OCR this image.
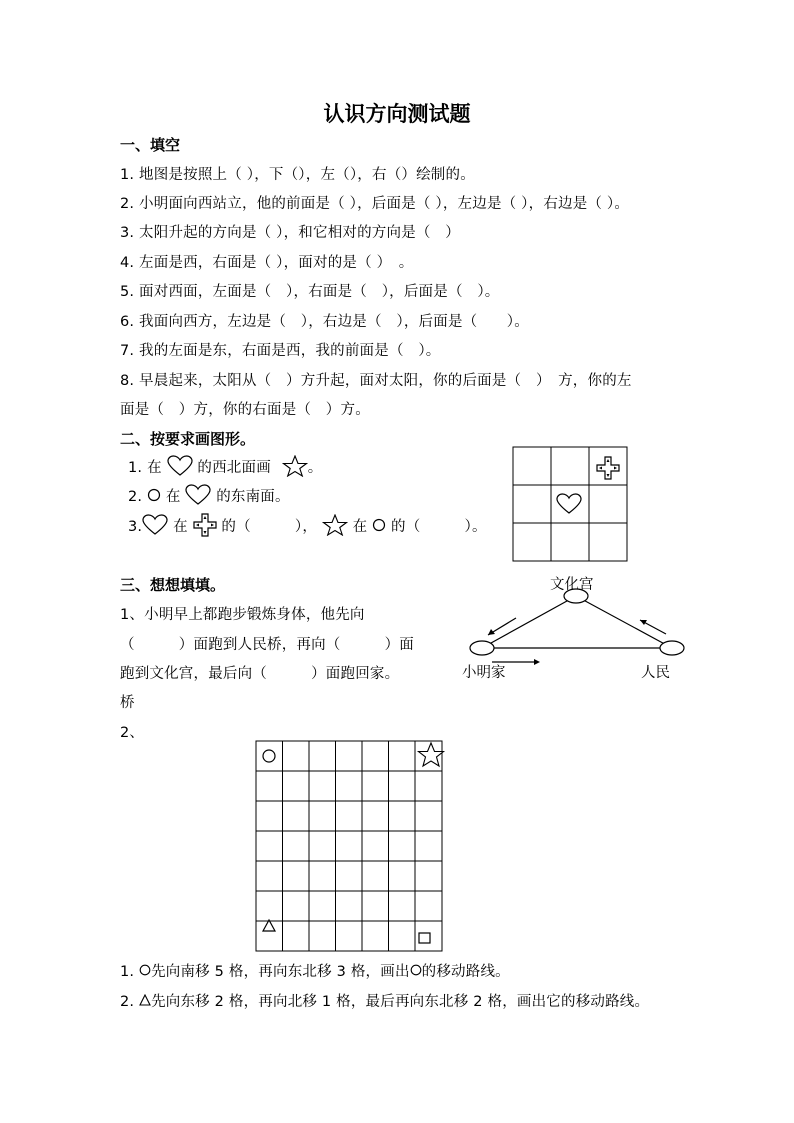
认识方向测试题
一、填空
1. 地图是按照上（ ），下（），左（），右（）绘制的。
2. 小明面向西站立，他的前面是（ ），后面是（ ），左边是（ ），右边是（ ）。
3. 太阳升起的方向是（ ），和它相对的方向是（　）
4. 左面是西，右面是（ ），面对的是（ ）　。
5. 面对西面，左面是（　），右面是（　），后面是（　）。
6. 我面向西方，左边是（　），右边是（　），后面是（　　）。
7. 我的左面是东，右面是西，我的前面是（　）。
8. 早晨起来，太阳从（　）方升起，面对太阳，你的后面是（　）　方，你的左
面是（　）方，你的右面是（　）方。
二、按要求画图形。
1. 在 的西北面画	。
2. 在 的东南面。
3. 在 的（　　　）， 在 的（　　　）。
三、想想填填。
1、小明早上都跑步锻炼身体，他先向
（　　　）面跑到人民桥，再向（　　　）面
跑到文化宫，最后向（　　　）面跑回家。
桥
文化宫
小明家	人民
2、
1. 先向南移 5 格，再向东北移 3 格，画出 的移动路线。
2. 先向东移 2 格，再向北移 1 格，最后再向东北移 2 格，画出它的移动路线。
